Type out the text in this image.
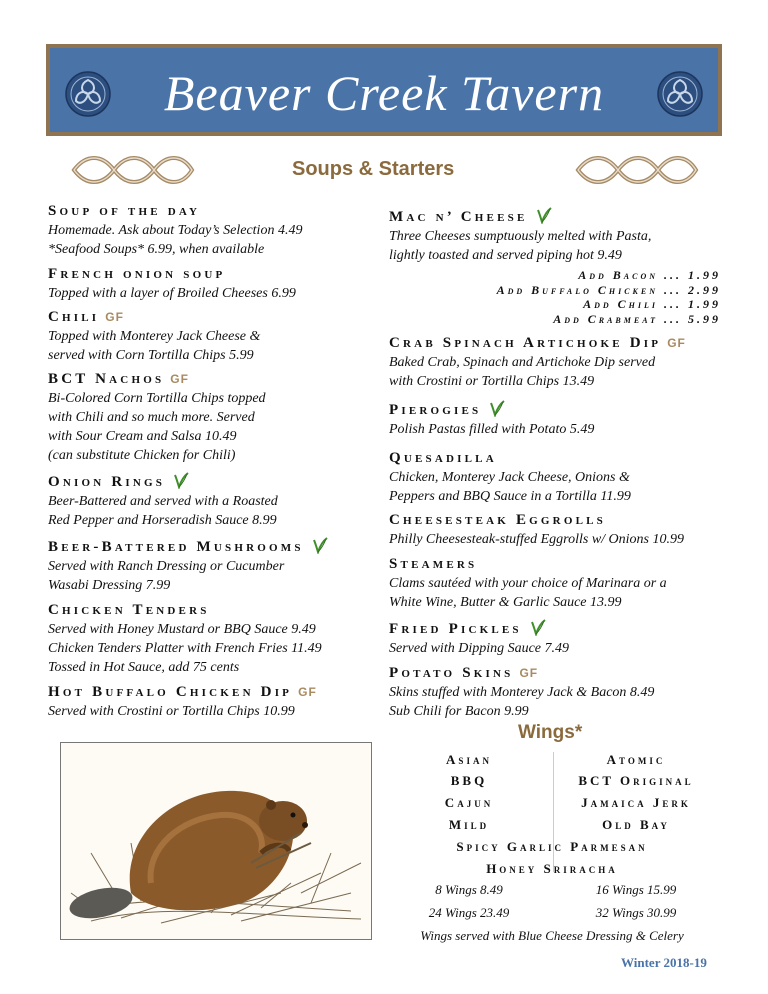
Beaver Creek Tavern
Soups & Starters
Soup of the day
Homemade. Ask about Today’s Selection 4.49
*Seafood Soups* 6.99, when available
French onion soup
Topped with a layer of Broiled Cheeses 6.99
Chili GF
Topped with Monterey Jack Cheese &
served with Corn Tortilla Chips 5.99
BCT Nachos GF
Bi-Colored Corn Tortilla Chips topped
with Chili and so much more. Served
with Sour Cream and Salsa 10.49
(can substitute Chicken for Chili)
Onion Rings
Beer-Battered and served with a Roasted
Red Pepper and Horseradish Sauce 8.99
Beer-Battered Mushrooms
Served with Ranch Dressing or Cucumber
Wasabi Dressing 7.99
Chicken Tenders
Served with Honey Mustard or BBQ Sauce 9.49
Chicken Tenders Platter with French Fries 11.49
Tossed in Hot Sauce, add 75 cents
Hot Buffalo Chicken Dip GF
Served with Crostini or Tortilla Chips 10.99
Mac n’ Cheese
Three Cheeses sumptuously melted with Pasta,
lightly toasted and served piping hot 9.49
Add Bacon ... 1.99
Add Buffalo Chicken ... 2.99
Add Chili ... 1.99
Add Crabmeat ... 5.99
Crab Spinach Artichoke Dip GF
Baked Crab, Spinach and Artichoke Dip served
with Crostini or Tortilla Chips 13.49
Pierogies
Polish Pastas filled with Potato 5.49
Quesadilla
Chicken, Monterey Jack Cheese, Onions &
Peppers and BBQ Sauce in a Tortilla 11.99
Cheesesteak Eggrolls
Philly Cheesesteak-stuffed Eggrolls w/ Onions 10.99
Steamers
Clams sautéed with your choice of Marinara or a
White Wine, Butter & Garlic Sauce 13.99
Fried Pickles
Served with Dipping Sauce 7.49
Potato Skins GF
Skins stuffed with Monterey Jack & Bacon 8.49
Sub Chili for Bacon 9.99
Wings*
Asian
BBQ
Cajun
Mild
Atomic
BCT Original
Jamaica Jerk
Old Bay
Spicy Garlic Parmesan
Honey Sriracha
8 Wings 8.49
24 Wings 23.49
16 Wings 15.99
32 Wings 30.99
Wings served with Blue Cheese Dressing & Celery
Winter 2018-19
